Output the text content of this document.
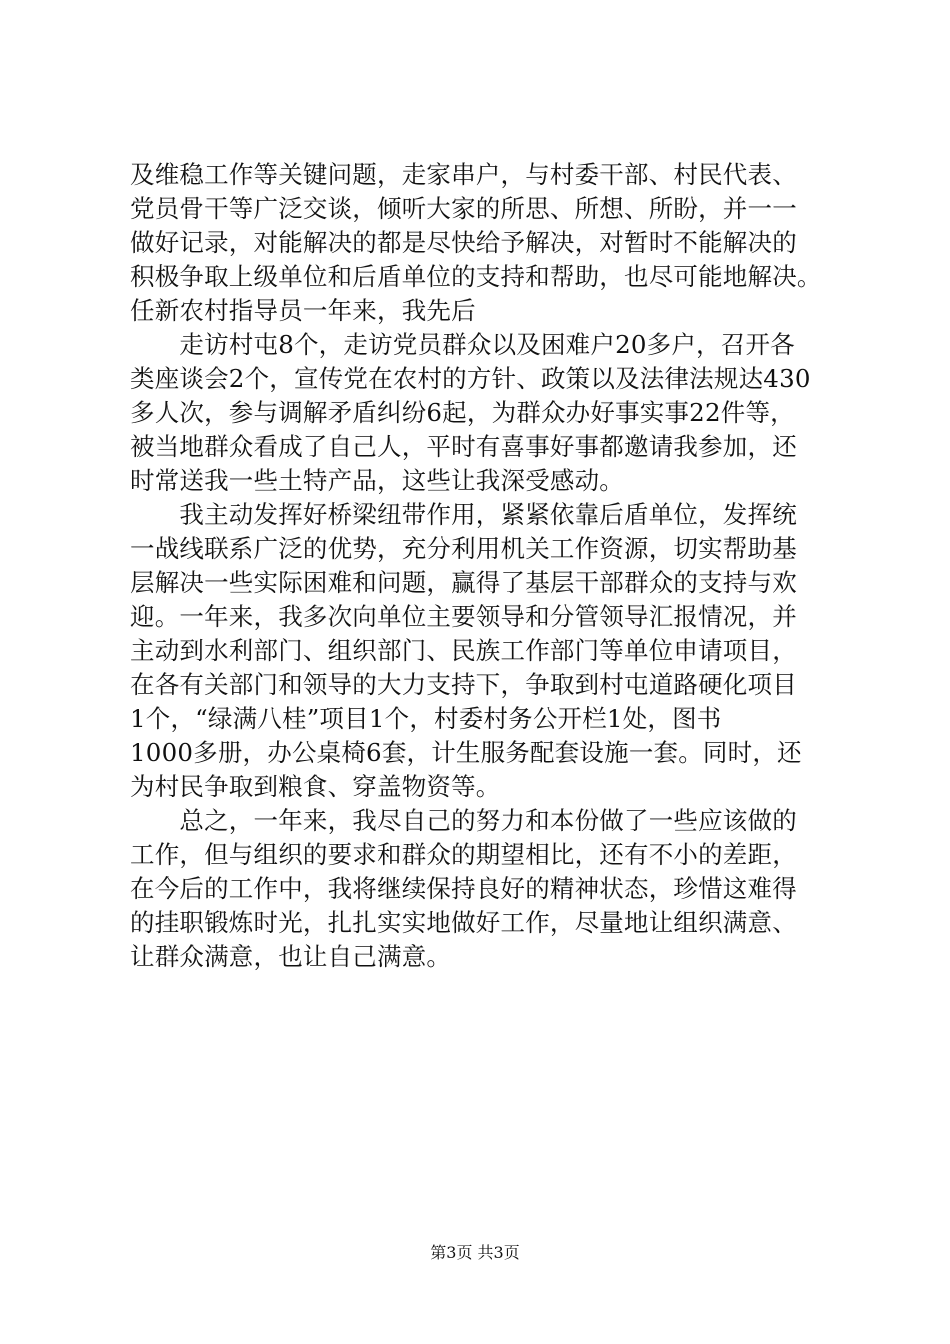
及维稳工作等关键问题，走家串户，与村委干部、村民代表、
党员骨干等广泛交谈，倾听大家的所思、所想、所盼，并一一
做好记录，对能解决的都是尽快给予解决，对暂时不能解决的
积极争取上级单位和后盾单位的支持和帮助，也尽可能地解决。
任新农村指导员一年来，我先后
　　走访村屯8个，走访党员群众以及困难户20多户，召开各
类座谈会2个，宣传党在农村的方针、政策以及法律法规达430
多人次，参与调解矛盾纠纷6起，为群众办好事实事22件等，
被当地群众看成了自己人，平时有喜事好事都邀请我参加，还
时常送我一些土特产品，这些让我深受感动。
　　我主动发挥好桥梁纽带作用，紧紧依靠后盾单位，发挥统
一战线联系广泛的优势，充分利用机关工作资源，切实帮助基
层解决一些实际困难和问题，赢得了基层干部群众的支持与欢
迎。一年来，我多次向单位主要领导和分管领导汇报情况，并
主动到水利部门、组织部门、民族工作部门等单位申请项目，
在各有关部门和领导的大力支持下，争取到村屯道路硬化项目
1个，“绿满八桂”项目1个，村委村务公开栏1处，图书
1000多册，办公桌椅6套，计生服务配套设施一套。同时，还
为村民争取到粮食、穿盖物资等。
　　总之，一年来，我尽自己的努力和本份做了一些应该做的
工作，但与组织的要求和群众的期望相比，还有不小的差距，
在今后的工作中，我将继续保持良好的精神状态，珍惜这难得
的挂职锻炼时光，扎扎实实地做好工作，尽量地让组织满意、
让群众满意，也让自己满意。
第3页 共3页
